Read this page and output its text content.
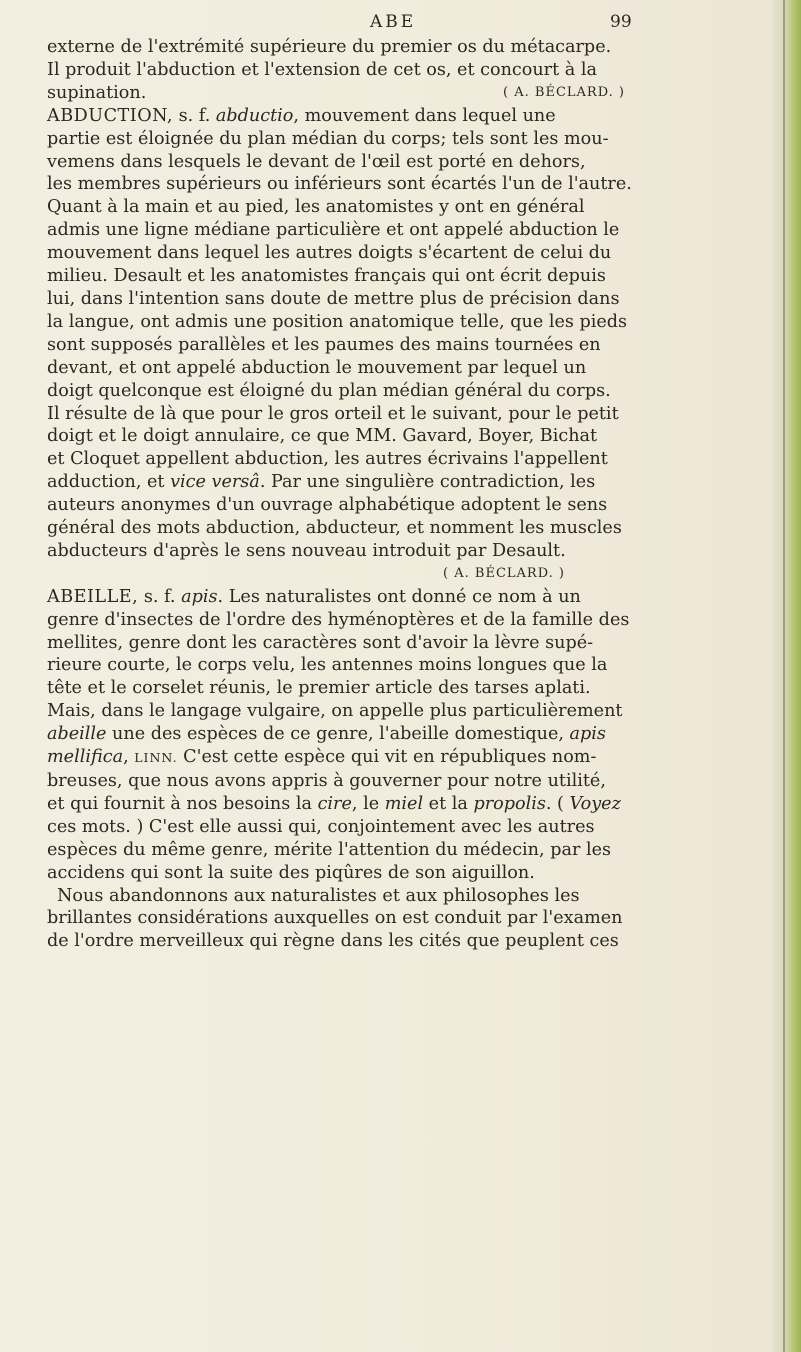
ABE	99

externe de l'extrémité supérieure du premier os du métacarpe.

Il produit l'abduction et l'extension de cet os, et concourt à la

supination.	( A. BÉCLARD. )

ABDUCTION, s. f. abductio, mouvement dans lequel une

partie est éloignée du plan médian du corps; tels sont les mou-

vemens dans lesquels le devant de l'œil est porté en dehors,

les membres supérieurs ou inférieurs sont écartés l'un de l'autre.

Quant à la main et au pied, les anatomistes y ont en général

admis une ligne médiane particulière et ont appelé abduction le

mouvement dans lequel les autres doigts s'écartent de celui du

milieu. Desault et les anatomistes français qui ont écrit depuis

lui, dans l'intention sans doute de mettre plus de précision dans

la langue, ont admis une position anatomique telle, que les pieds

sont supposés parallèles et les paumes des mains tournées en

devant, et ont appelé abduction le mouvement par lequel un

doigt quelconque est éloigné du plan médian général du corps.

Il résulte de là que pour le gros orteil et le suivant, pour le petit

doigt et le doigt annulaire, ce que MM. Gavard, Boyer, Bichat

et Cloquet appellent abduction, les autres écrivains l'appellent

adduction, et vice versâ. Par une singulière contradiction, les

auteurs anonymes d'un ouvrage alphabétique adoptent le sens

général des mots abduction, abducteur, et nomment les muscles

abducteurs d'après le sens nouveau introduit par Desault.

( A. BÉCLARD. )

ABEILLE, s. f. apis. Les naturalistes ont donné ce nom à un

genre d'insectes de l'ordre des hyménoptères et de la famille des

mellites, genre dont les caractères sont d'avoir la lèvre supé-

rieure courte, le corps velu, les antennes moins longues que la

tête et le corselet réunis, le premier article des tarses aplati.

Mais, dans le langage vulgaire, on appelle plus particulièrement

abeille une des espèces de ce genre, l'abeille domestique, apis

mellifica, LINN. C'est cette espèce qui vit en républiques nom-

breuses, que nous avons appris à gouverner pour notre utilité,

et qui fournit à nos besoins la cire, le miel et la propolis. ( Voyez

ces mots. ) C'est elle aussi qui, conjointement avec les autres

espèces du même genre, mérite l'attention du médecin, par les

accidens qui sont la suite des piqûres de son aiguillon.

Nous abandonnons aux naturalistes et aux philosophes les

brillantes considérations auxquelles on est conduit par l'examen

de l'ordre merveilleux qui règne dans les cités que peuplent ces
